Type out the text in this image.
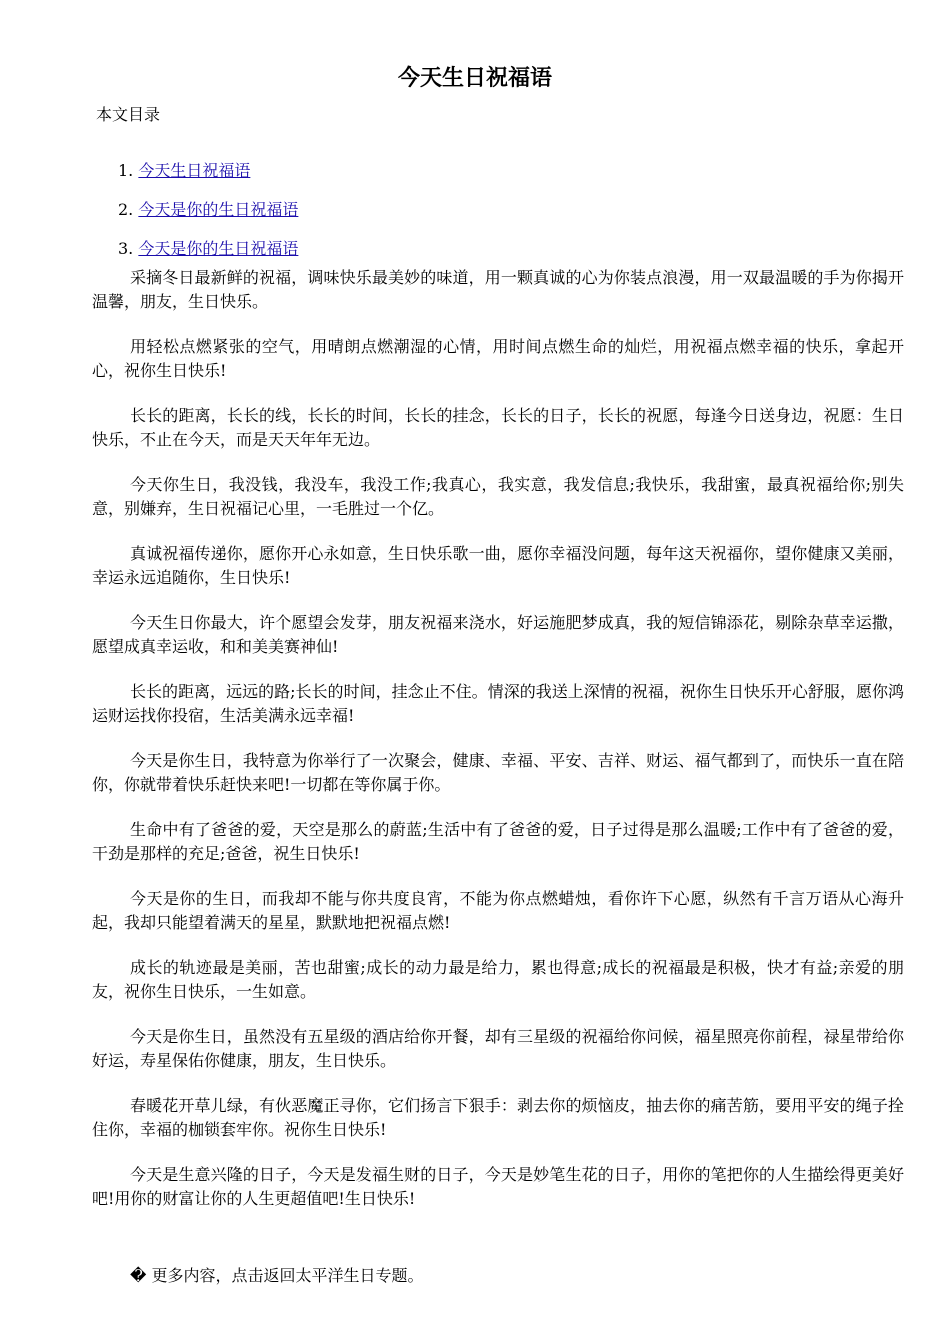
今天生日祝福语
本文目录
1. 今天生日祝福语
2. 今天是你的生日祝福语
3. 今天是你的生日祝福语

采摘冬日最新鲜的祝福，调味快乐最美妙的味道，用一颗真诚的心为你装点浪漫，用一双最温暖的手为你揭开温馨，朋友，生日快乐。

用轻松点燃紧张的空气，用晴朗点燃潮湿的心情，用时间点燃生命的灿烂，用祝福点燃幸福的快乐，拿起开心，祝你生日快乐!

长长的距离，长长的线，长长的时间，长长的挂念，长长的日子，长长的祝愿，每逢今日送身边，祝愿：生日快乐，不止在今天，而是天天年年无边。

今天你生日，我没钱，我没车，我没工作;我真心，我实意，我发信息;我快乐，我甜蜜，最真祝福给你;别失意，别嫌弃，生日祝福记心里，一毛胜过一个亿。

真诚祝福传递你，愿你开心永如意，生日快乐歌一曲，愿你幸福没问题，每年这天祝福你，望你健康又美丽，幸运永远追随你，生日快乐!

今天生日你最大，许个愿望会发芽，朋友祝福来浇水，好运施肥梦成真，我的短信锦添花，剔除杂草幸运撒，愿望成真幸运收，和和美美赛神仙!

长长的距离，远远的路;长长的时间，挂念止不住。情深的我送上深情的祝福，祝你生日快乐开心舒服，愿你鸿运财运找你投宿，生活美满永远幸福!

今天是你生日，我特意为你举行了一次聚会，健康、幸福、平安、吉祥、财运、福气都到了，而快乐一直在陪你，你就带着快乐赶快来吧!一切都在等你属于你。

生命中有了爸爸的爱，天空是那么的蔚蓝;生活中有了爸爸的爱，日子过得是那么温暖;工作中有了爸爸的爱，干劲是那样的充足;爸爸，祝生日快乐!

今天是你的生日，而我却不能与你共度良宵，不能为你点燃蜡烛，看你许下心愿，纵然有千言万语从心海升起，我却只能望着满天的星星，默默地把祝福点燃!

成长的轨迹最是美丽，苦也甜蜜;成长的动力最是给力，累也得意;成长的祝福最是积极，快才有益;亲爱的朋友，祝你生日快乐，一生如意。

今天是你生日，虽然没有五星级的酒店给你开餐，却有三星级的祝福给你问候，福星照亮你前程，禄星带给你好运，寿星保佑你健康，朋友，生日快乐。

春暖花开草儿绿，有伙恶魔正寻你，它们扬言下狠手：剥去你的烦恼皮，抽去你的痛苦筋，要用平安的绳子拴住你，幸福的枷锁套牢你。祝你生日快乐!

今天是生意兴隆的日子，今天是发福生财的日子，今天是妙笔生花的日子，用你的笔把你的人生描绘得更美好吧!用你的财富让你的人生更超值吧!生日快乐!

� 更多内容，点击返回太平洋生日专题。
